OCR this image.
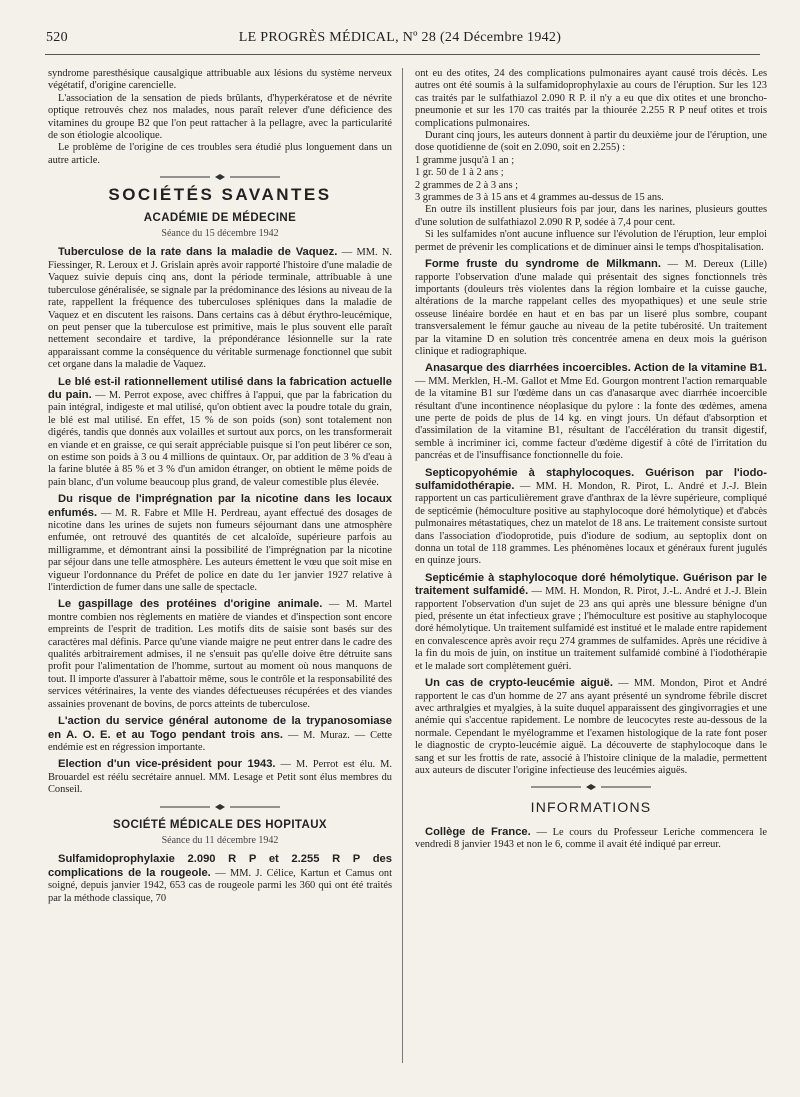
520	LE PROGRÈS MÉDICAL, Nº 28 (24 Décembre 1942)

syndrome paresthésique causalgique attribuable aux lésions du système nerveux végétatif, d'origine carencielle.

L'association de la sensation de pieds brûlants, d'hyperkératose et de névrite optique retrouvés chez nos malades, nous paraît relever d'une déficience des vitamines du groupe B2 que l'on peut rattacher à la pellagre, avec la particularité de son étiologie alcoolique.

Le problème de l'origine de ces troubles sera étudié plus longuement dans un autre article.

SOCIÉTÉS SAVANTES
ACADÉMIE DE MÉDECINE
Séance du 15 décembre 1942

Tuberculose de la rate dans la maladie de Vaquez. — MM. N. Fiessinger, R. Leroux et J. Grislain après avoir rapporté l'histoire d'une maladie de Vaquez suivie depuis cinq ans, dont la période terminale, attribuable à une tuberculose généralisée, se signale par la prédominance des lésions au niveau de la rate, rappellent la fréquence des tuberculoses spléniques dans la maladie de Vaquez et en discutent les raisons. Dans certains cas à début érythro-leucémique, on peut penser que la tuberculose est primitive, mais le plus souvent elle paraît nettement secondaire et tardive, la prépondérance lésionnelle sur la rate apparaissant comme la conséquence du véritable surmenage fonctionnel que subit cet organe dans la maladie de Vaquez.

Le blé est-il rationnellement utilisé dans la fabrication actuelle du pain. — M. Perrot expose, avec chiffres à l'appui, que par la fabrication du pain intégral, indigeste et mal utilisé, qu'on obtient avec la poudre totale du grain, le blé est mal utilisé. En effet, 15 % de son poids (son) sont totalement non digérés, tandis que donnés aux volailles et surtout aux porcs, on les transformerait en viande et en graisse, ce qui serait appréciable puisque si l'on peut libérer ce son, on estime son poids à 3 ou 4 millions de quintaux. Or, par addition de 3 % d'eau à la farine blutée à 85 % et 3 % d'un amidon étranger, on obtient le même poids de pain blanc, d'un volume beaucoup plus grand, de valeur comestible plus élevée.

Du risque de l'imprégnation par la nicotine dans les locaux enfumés. — M. R. Fabre et Mlle H. Perdreau, ayant effectué des dosages de nicotine dans les urines de sujets non fumeurs séjournant dans une atmosphère enfumée, ont retrouvé des quantités de cet alcaloïde, supérieure parfois au milligramme, et démontrant ainsi la possibilité de l'imprégnation par la nicotine par séjour dans une telle atmosphère. Les auteurs émettent le vœu que soit mise en vigueur l'ordonnance du Préfet de police en date du 1er janvier 1927 relative à l'interdiction de fumer dans une salle de spectacle.

Le gaspillage des protéines d'origine animale. — M. Martel montre combien nos règlements en matière de viandes et d'inspection sont encore empreints de l'esprit de tradition. Les motifs dits de saisie sont basés sur des caractères mal définis. Parce qu'une viande maigre ne peut entrer dans le cadre des qualités arbitrairement admises, il ne s'ensuit pas qu'elle doive être détruite sans profit pour l'alimentation de l'homme, surtout au moment où nous manquons de tout. Il importe d'assurer à l'abattoir même, sous le contrôle et la responsabilité des services vétérinaires, la vente des viandes défectueuses récupérées et des viandes assainies provenant de bovins, de porcs atteints de tuberculose.

L'action du service général autonome de la trypanosomiase en A. O. E. et au Togo pendant trois ans. — M. Muraz. — Cette endémie est en régression importante.

Election d'un vice-président pour 1943. — M. Perrot est élu. M. Brouardel est réélu secrétaire annuel. MM. Lesage et Petit sont élus membres du Conseil.

SOCIÉTÉ MÉDICALE DES HOPITAUX
Séance du 11 décembre 1942

Sulfamidoprophylaxie 2.090 R P et 2.255 R P des complications de la rougeole. — MM. J. Célice, Kartun et Camus ont soigné, depuis janvier 1942, 653 cas de rougeole parmi les 360 qui ont été traités par la méthode classique, 70

ont eu des otites, 24 des complications pulmonaires ayant causé trois décès. Les autres ont été soumis à la sulfamidoprophylaxie au cours de l'éruption. Sur les 123 cas traités par le sulfathiazol 2.090 R P. il n'y a eu que dix otites et une broncho-pneumonie et sur les 170 cas traités par la thiourée 2.255 R P neuf otites et trois complications pulmonaires.

Durant cinq jours, les auteurs donnent à partir du deuxième jour de l'éruption, une dose quotidienne de (soit en 2.090, soit en 2.255) :

1 gramme jusqu'à 1 an ;

1 gr. 50 de 1 à 2 ans ;

2 grammes de 2 à 3 ans ;

3 grammes de 3 à 15 ans et 4 grammes au-dessus de 15 ans.

En outre ils instillent plusieurs fois par jour, dans les narines, plusieurs gouttes d'une solution de sulfathiazol 2.090 R P, sodée à 7,4 pour cent.

Si les sulfamides n'ont aucune influence sur l'évolution de l'éruption, leur emploi permet de prévenir les complications et de diminuer ainsi le temps d'hospitalisation.

Forme fruste du syndrome de Milkmann. — M. Dereux (Lille) rapporte l'observation d'une malade qui présentait des signes fonctionnels très importants (douleurs très violentes dans la région lombaire et la cuisse gauche, altérations de la marche rappelant celles des myopathiques) et une seule strie osseuse linéaire bordée en haut et en bas par un liseré plus sombre, coupant transversalement le fémur gauche au niveau de la petite tubérosité. Un traitement par la vitamine D en solution très concentrée amena en deux mois la guérison clinique et radiographique.

Anasarque des diarrhées incoercibles. Action de la vitamine B1. — MM. Merklen, H.-M. Gallot et Mme Ed. Gourgon montrent l'action remarquable de la vitamine B1 sur l'œdème dans un cas d'anasarque avec diarrhée incoercible résultant d'une incontinence néoplasique du pylore : la fonte des œdèmes, amena une perte de poids de plus de 14 kg. en vingt jours. Un défaut d'absorption et d'assimilation de la vitamine B1, résultant de l'accélération du transit digestif, semble à incriminer ici, comme facteur d'œdème digestif à côté de l'irritation du pancréas et de l'insuffisance fonctionnelle du foie.

Septicopyohémie à staphylocoques. Guérison par l'iodo-sulfamidothérapie. — MM. H. Mondon, R. Pirot, L. André et J.-J. Blein rapportent un cas particulièrement grave d'anthrax de la lèvre supérieure, compliqué de septicémie (hémoculture positive au staphylocoque doré hémolytique) et d'abcès pulmonaires métastatiques, chez un matelot de 18 ans. Le traitement consiste surtout dans l'association d'iodoprotide, puis d'iodure de sodium, au septoplix dont on donna un total de 118 grammes. Les phénomènes locaux et généraux furent jugulés en quinze jours.

Septicémie à staphylocoque doré hémolytique. Guérison par le traitement sulfamidé. — MM. H. Mondon, R. Pirot, J.-L. André et J.-J. Blein rapportent l'observation d'un sujet de 23 ans qui après une blessure bénigne d'un pied, présente un état infectieux grave ; l'hémoculture est positive au staphylocoque doré hémolytique. Un traitement sulfamidé est institué et le malade entre rapidement en convalescence après avoir reçu 274 grammes de sulfamides. Après une récidive à la fin du mois de juin, on institue un traitement sulfamidé combiné à l'iodothérapie et le malade sort complètement guéri.

Un cas de crypto-leucémie aiguë. — MM. Mondon, Pirot et André rapportent le cas d'un homme de 27 ans ayant présenté un syndrome fébrile discret avec arthralgies et myalgies, à la suite duquel apparaissent des gingivorragies et une anémie qui s'accentue rapidement. Le nombre de leucocytes reste au-dessous de la normale. Cependant le myélogramme et l'examen histologique de la rate font poser le diagnostic de crypto-leucémie aiguë. La découverte de staphylocoque dans le sang et sur les frottis de rate, associé à l'histoire clinique de la maladie, permettent aux auteurs de discuter l'origine infectieuse des leucémies aiguës.

INFORMATIONS

Collège de France. — Le cours du Professeur Leriche commencera le vendredi 8 janvier 1943 et non le 6, comme il avait été indiqué par erreur.
